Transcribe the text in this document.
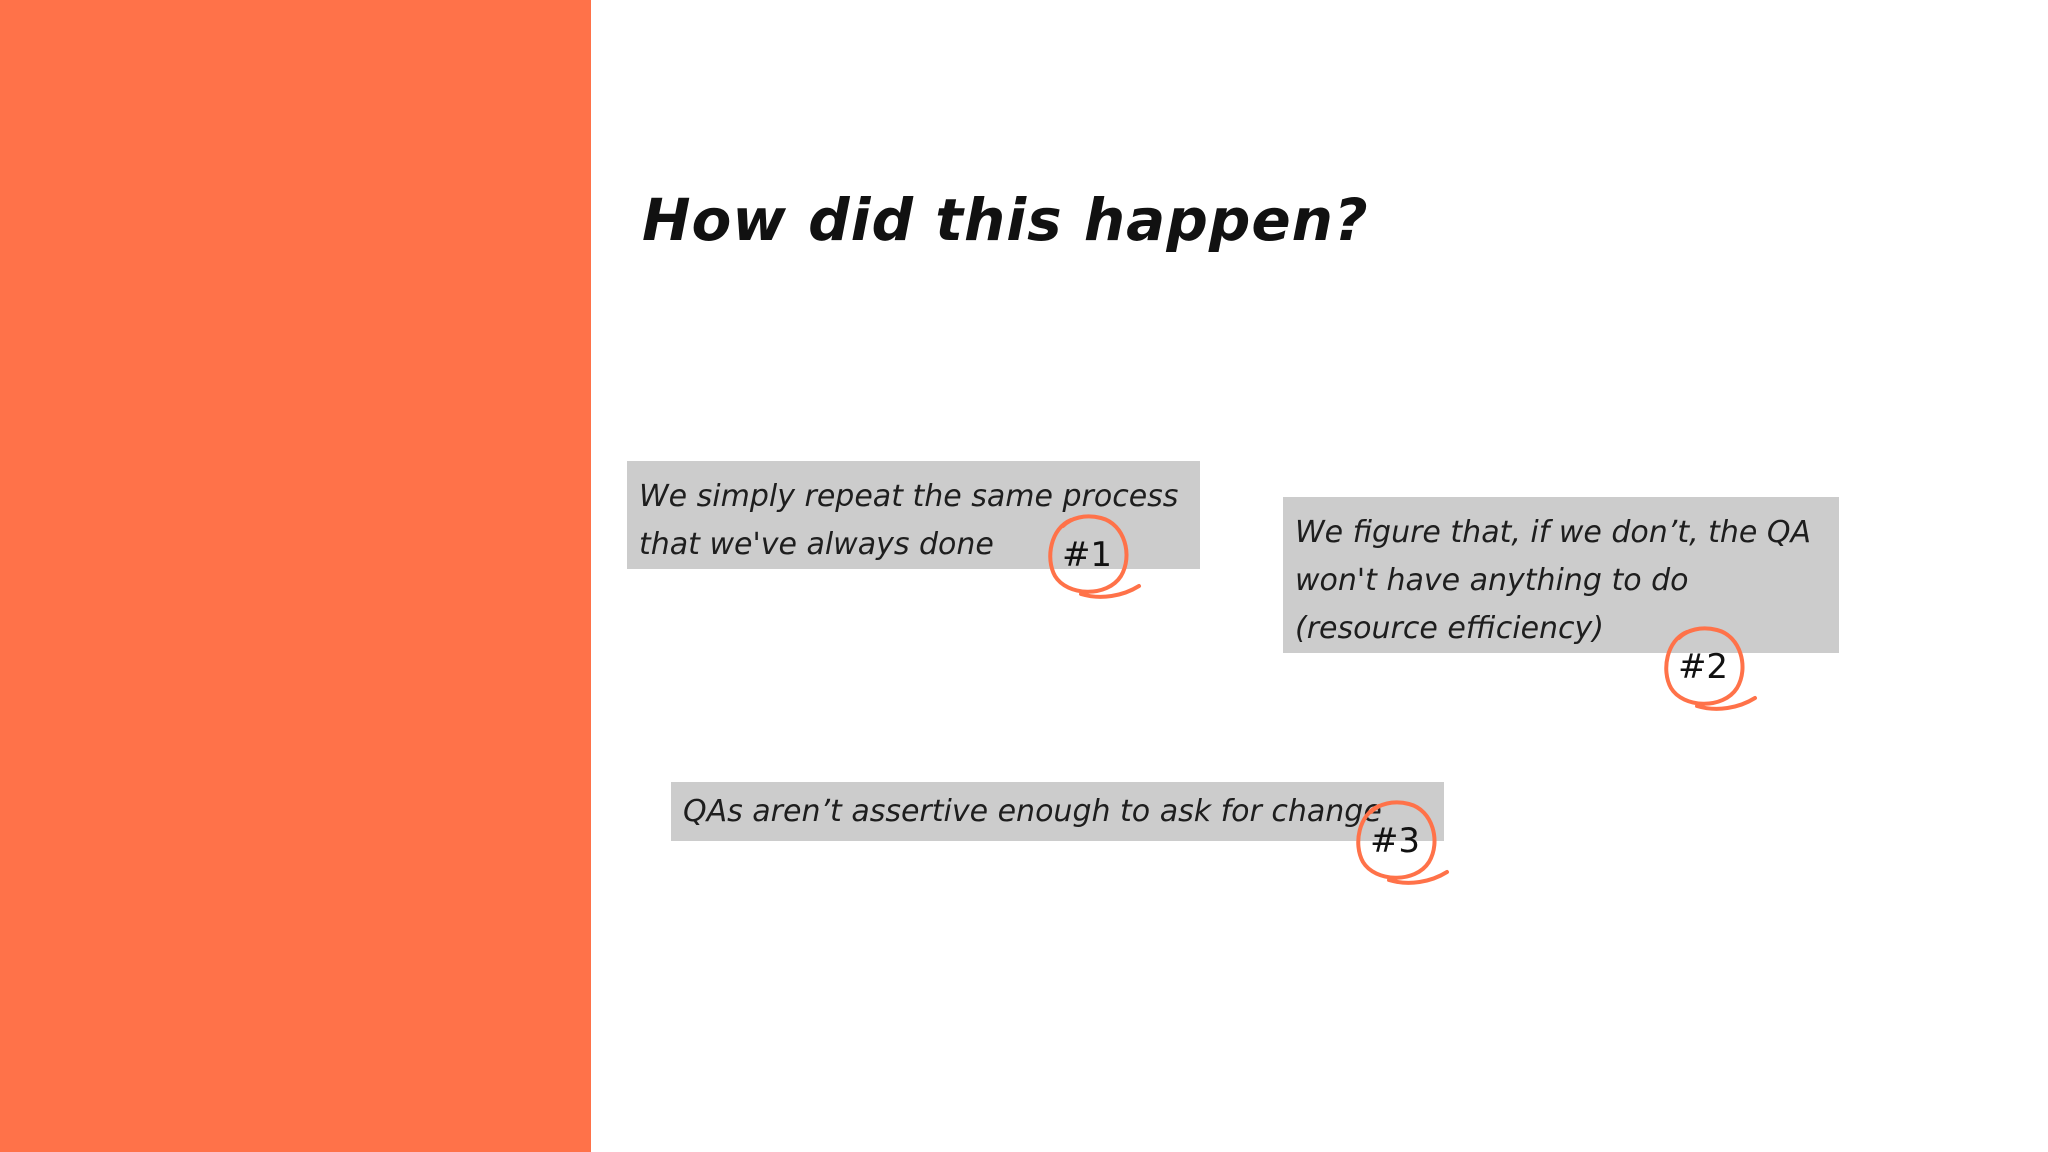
How did this happen?
We simply repeat the same process that we've always done	We figure that, if we don’t, the QA won't have anything to do (resource efficiency)
QAs aren’t assertive enough to ask for change
#1
#2
#3
